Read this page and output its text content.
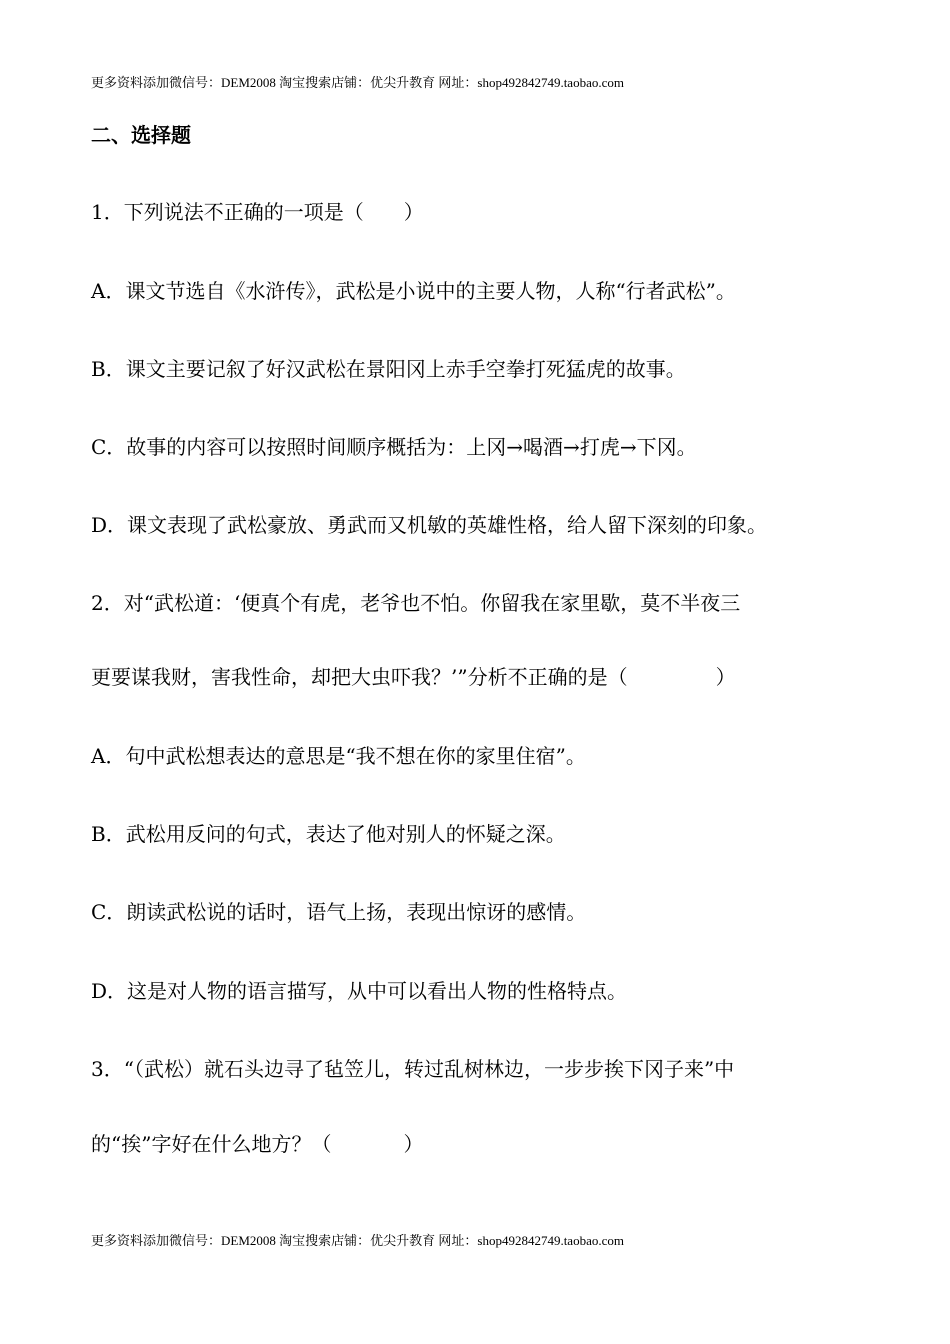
更多资料添加微信号：DEM2008 淘宝搜索店铺：优尖升教育 网址：shop492842749.taobao.com
二、选择题
1．下列说法不正确的一项是（ ）
A．课文节选自《水浒传》，武松是小说中的主要人物，人称“行者武松”。
B．课文主要记叙了好汉武松在景阳冈上赤手空拳打死猛虎的故事。
C．故事的内容可以按照时间顺序概括为：上冈→喝酒→打虎→下冈。
D．课文表现了武松豪放、勇武而又机敏的英雄性格，给人留下深刻的印象。
2．对“武松道：‘便真个有虎，老爷也不怕。你留我在家里歇，莫不半夜三
更要谋我财，害我性命，却把大虫吓我？’”分析不正确的是（	）
A．句中武松想表达的意思是“我不想在你的家里住宿”。
B．武松用反问的句式，表达了他对别人的怀疑之深。
C．朗读武松说的话时，语气上扬，表现出惊讶的感情。
D．这是对人物的语言描写，从中可以看出人物的性格特点。
3．“（武松）就石头边寻了毡笠儿，转过乱树林边，一步步挨下冈子来”中
的“挨”字好在什么地方？（	）
更多资料添加微信号：DEM2008 淘宝搜索店铺：优尖升教育 网址：shop492842749.taobao.com
